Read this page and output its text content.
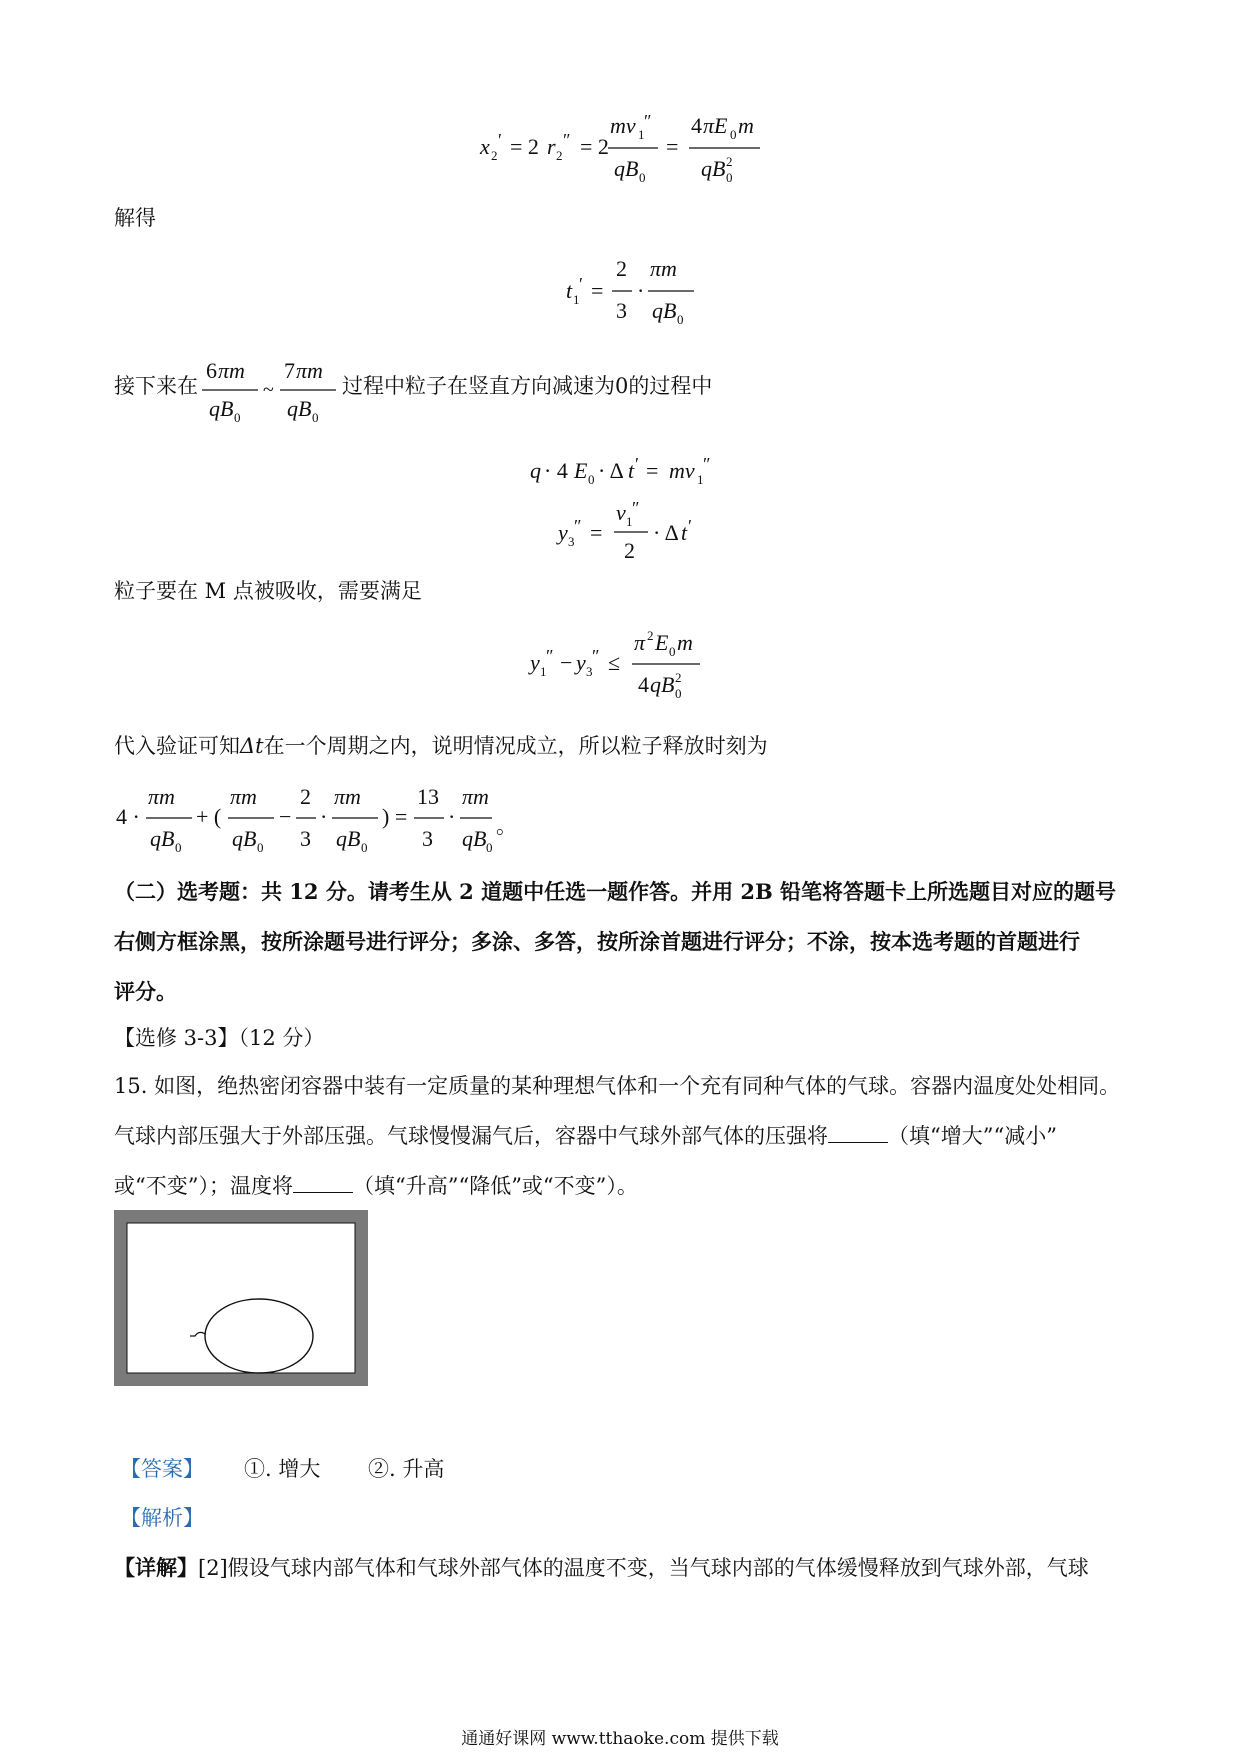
x 2
′ = 2 r 2
″ = 2
mv 1
″
qB 0
=
4 πE 0 m
qB 0
2
解得
t 1
′ =
2
3
·
πm
qB 0
接下来在
6 πm
qB 0
~
7 πm
qB 0
过程中粒子在竖直方向减速为0的过程中
q · 4 E 0 · Δ t ′ = mv 1
″
y 3
″ =
v 1
″
2
· Δ t ′
粒子要在 M 点被吸收，需要满足
y 1
″ − y 3
″ ≤
π 2 E 0 m
4 qB 0
2
代入验证可知Δt在一个周期之内，说明情况成立，所以粒子释放时刻为
4 ·
πm
qB 0
+ (
πm
qB 0
−
2
3
·
πm
qB 0
) =
13
3
·
πm
qB 0
。
（二）选考题：共 12 分。请考生从 2 道题中任选一题作答。并用 2B 铅笔将答题卡上所选题目对应的题号
右侧方框涂黑，按所涂题号进行评分；多涂、多答，按所涂首题进行评分；不涂，按本选考题的首题进行
评分。
【选修 3-3】（12 分）
15. 如图，绝热密闭容器中装有一定质量的某种理想气体和一个充有同种气体的气球。容器内温度处处相同。
气球内部压强大于外部压强。气球慢慢漏气后，容器中气球外部气体的压强将	（填“增大”“减小”
或“不变”）；温度将	（填“升高”“降低”或“不变”）。
【答案】 ①. 增大 ②. 升高
【解析】
【详解】[2]假设气球内部气体和气球外部气体的温度不变，当气球内部的气体缓慢释放到气球外部，气球
通通好课网 www.tthaoke.com 提供下载
